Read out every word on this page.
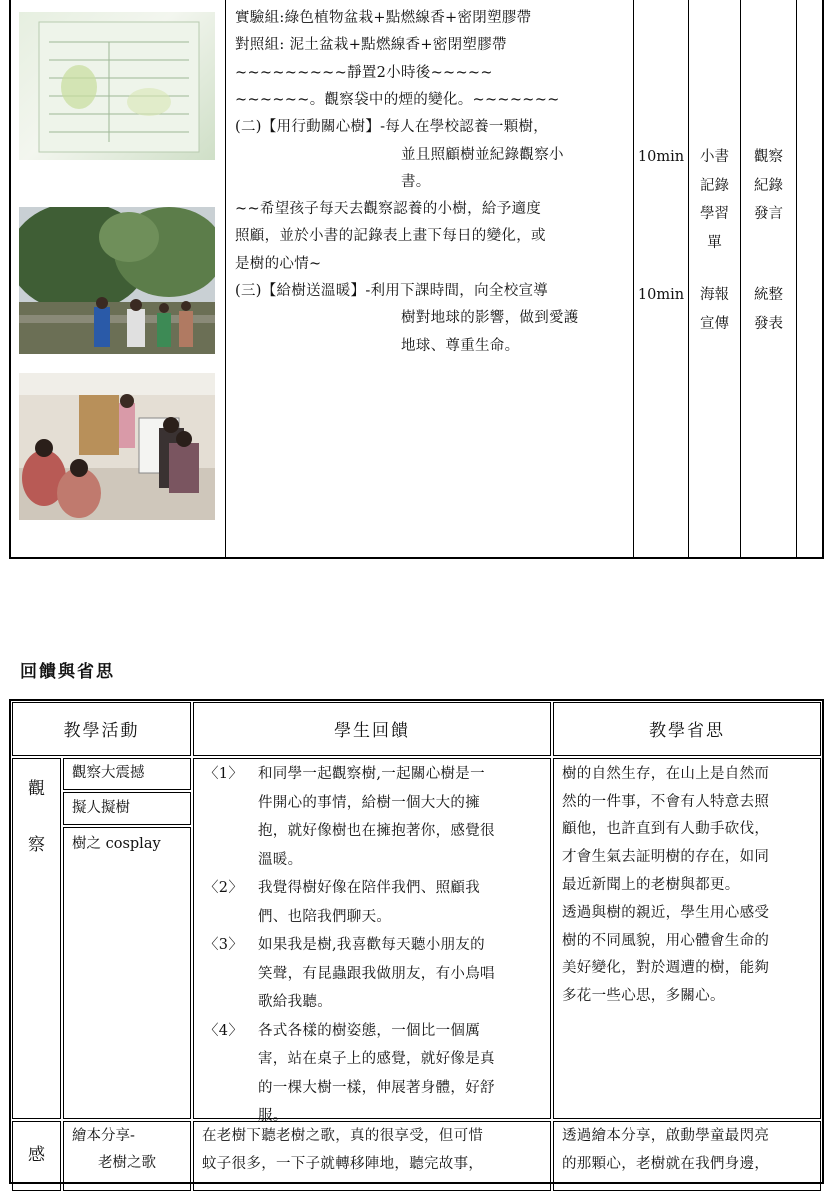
實驗組:綠色植物盆栽+點燃線香+密閉塑膠帶
對照組: 泥土盆栽+點燃線香+密閉塑膠帶
~~~~~~~~~靜置2小時後~~~~~
~~~~~~。觀察袋中的煙的變化。~~~~~~~
(二)【用行動關心樹】-每人在學校認養一顆樹，
並且照顧樹並紀錄觀察小
書。
~~希望孩子每天去觀察認養的小樹，給予適度
照顧，並於小書的記錄表上畫下每日的變化，或
是樹的心情~
(三)【給樹送溫暖】-利用下課時間，向全校宣導
樹對地球的影響，做到愛護
地球、尊重生命。
10min
10min
小書
記錄
學習
單
海報
宣傳
觀察
紀錄
發言
統整
發表
回饋與省思
教學活動	學生回饋	教學省思
觀
察
感
觀察大震撼
擬人擬樹
樹之 cosplay
繪本分享-
老樹之歌
〈1〉 和同學一起觀察樹,一起關心樹是一
件開心的事情，給樹一個大大的擁
抱，就好像樹也在擁抱著你，感覺很
溫暖。
〈2〉 我覺得樹好像在陪伴我們、照顧我
們、也陪我們聊天。
〈3〉 如果我是樹,我喜歡每天聽小朋友的
笑聲，有昆蟲跟我做朋友，有小鳥唱
歌給我聽。
〈4〉 各式各樣的樹姿態，一個比一個厲
害，站在桌子上的感覺，就好像是真
的一棵大樹一樣，伸展著身體，好舒
服。
在老樹下聽老樹之歌，真的很享受，但可惜
蚊子很多，一下子就轉移陣地，聽完故事，
樹的自然生存，在山上是自然而
然的一件事，不會有人特意去照
顧他，也許直到有人動手砍伐，
才會生氣去証明樹的存在，如同
最近新聞上的老樹與都更。
透過與樹的親近，學生用心感受
樹的不同風貌，用心體會生命的
美好變化，對於週遭的樹，能夠
多花一些心思，多關心。
透過繪本分享，啟動學童最閃亮
的那顆心，老樹就在我們身邊，
